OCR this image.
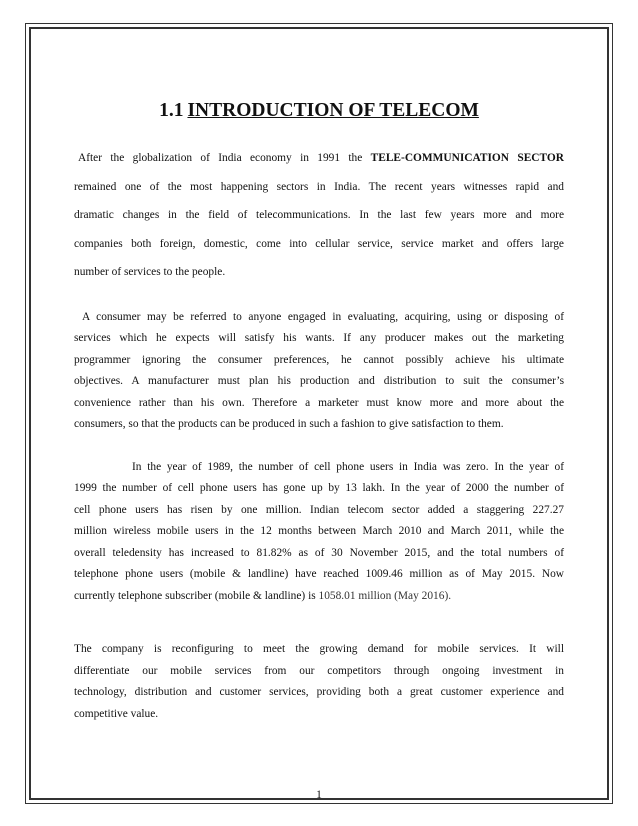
1.1 INTRODUCTION OF TELECOM

After the globalization of India economy in 1991 the TELE-COMMUNICATION SECTOR
remained one of the most happening sectors in India. The recent years witnesses rapid and
dramatic changes in the field of telecommunications. In the last few years more and more
companies both foreign, domestic, come into cellular service, service market and offers large
number of services to the people.

A consumer may be referred to anyone engaged in evaluating, acquiring, using or disposing of
services which he expects will satisfy his wants. If any producer makes out the marketing
programmer ignoring the consumer preferences, he cannot possibly achieve his ultimate
objectives. A manufacturer must plan his production and distribution to suit the consumer’s
convenience rather than his own. Therefore a marketer must know more and more about the
consumers, so that the products can be produced in such a fashion to give satisfaction to them.

In the year of 1989, the number of cell phone users in India was zero. In the year of
1999 the number of cell phone users has gone up by 13 lakh. In the year of 2000 the number of
cell phone users has risen by one million. Indian telecom sector added a staggering 227.27
million wireless mobile users in the 12 months between March 2010 and March 2011, while the
overall teledensity has increased to 81.82% as of 30 November 2015, and the total numbers of
telephone phone users (mobile & landline) have reached 1009.46 million as of May 2015. Now
currently telephone subscriber (mobile & landline) is 1058.01 million (May 2016).

The company is reconfiguring to meet the growing demand for mobile services. It will
differentiate our mobile services from our competitors through ongoing investment in
technology, distribution and customer services, providing both a great customer experience and
competitive value.

1
